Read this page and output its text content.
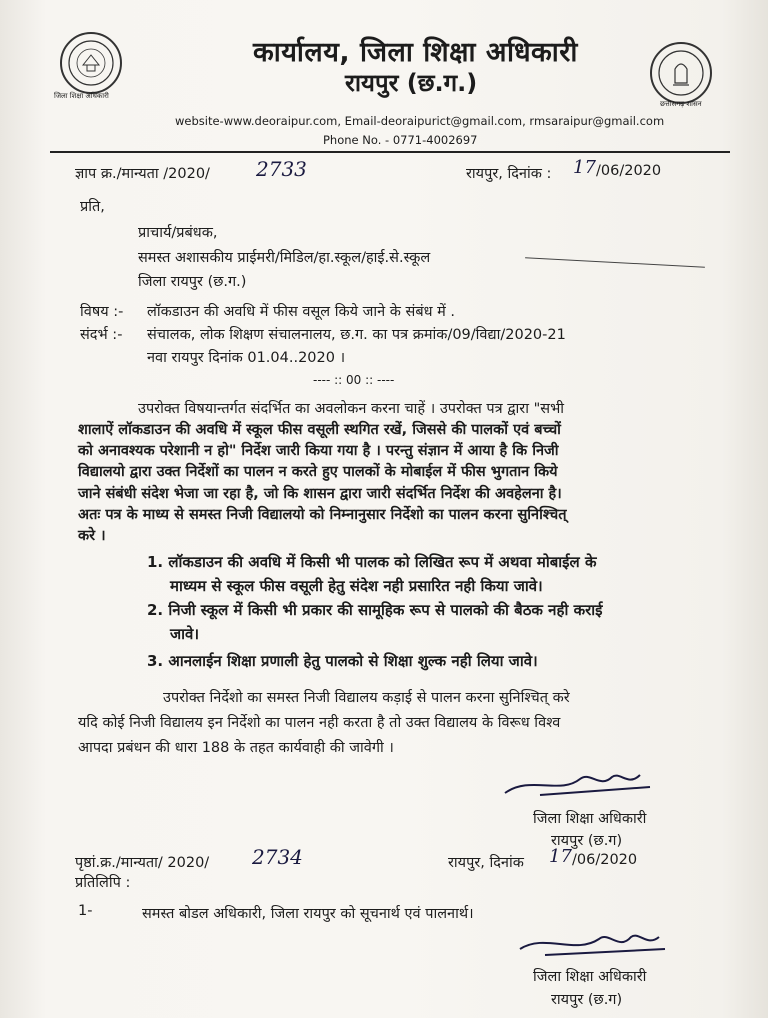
जिला शिक्षा अधिकारी
छत्तीसगढ़ शासन
कार्यालय, जिला शिक्षा अधिकारी
रायपुर (छ.ग.)
website-www.deoraipur.com, Email-deoraipurict@gmail.com, rmsaraipur@gmail.com
Phone No. - 0771-4002697
ज्ञाप क्र./मान्यता /2020/ 2733	रायपुर, दिनांक : 17 /06/2020
प्रति,
प्राचार्य/प्रबंधक,
समस्त अशासकीय प्राईमरी/मिडिल/हा.स्कूल/हाई.से.स्कूल
जिला रायपुर (छ.ग.)
विषय :- लॉकडाउन की अवधि में फीस वसूल किये जाने के संबंध में .
संदर्भ :- संचालक, लोक शिक्षण संचालनालय, छ.ग. का पत्र क्रमांक/09/विद्या/2020-21
नवा रायपुर दिनांक 01.04..2020 ।
---- :: 00 :: ----
उपरोक्त विषयान्तर्गत संदर्भित का अवलोकन करना चाहें । उपरोक्त पत्र द्वारा "सभी
शालाऐं लॉकडाउन की अवधि में स्कूल फीस वसूली स्थगित रखें, जिससे की पालकों एवं बच्चों
को अनावश्यक परेशानी न हो" निर्देश जारी किया गया है । परन्तु संज्ञान में आया है कि निजी
विद्यालयो द्वारा उक्त निर्देशों का पालन न करते हुए पालकों के मोबाईल में फीस भुगतान किये
जाने संबंधी संदेश भेजा जा रहा है, जो कि शासन द्वारा जारी संदर्भित निर्देश की अवहेलना है।
अतः पत्र के माध्य से समस्त निजी विद्यालयो को निम्नानुसार निर्देशो का पालन करना सुनिश्चित्
करे ।
1. लॉकडाउन की अवधि में किसी भी पालक को लिखित रूप में अथवा मोबाईल के
माध्यम से स्कूल फीस वसूली हेतु संदेश नही प्रसारित नही किया जावे।
2. निजी स्कूल में किसी भी प्रकार की सामूहिक रूप से पालको की बैठक नही कराई
जावे।
3. आनलाईन शिक्षा प्रणाली हेतु पालको से शिक्षा शुल्क नही लिया जावे।
उपरोक्त निर्देशो का समस्त निजी विद्यालय कड़ाई से पालन करना सुनिश्चित् करे
यदि कोई निजी विद्यालय इन निर्देशो का पालन नही करता है तो उक्त विद्यालय के विरूध विश्व
आपदा प्रबंधन की धारा 188 के तहत कार्यवाही की जावेगी ।
जिला शिक्षा अधिकारी
रायपुर (छ.ग)
पृष्ठां.क्र./मान्यता/ 2020/ 2734	रायपुर, दिनांक 17 /06/2020
प्रतिलिपि :
1-	समस्त बोडल अधिकारी, जिला रायपुर को सूचनार्थ एवं पालनार्थ।
जिला शिक्षा अधिकारी
रायपुर (छ.ग)
